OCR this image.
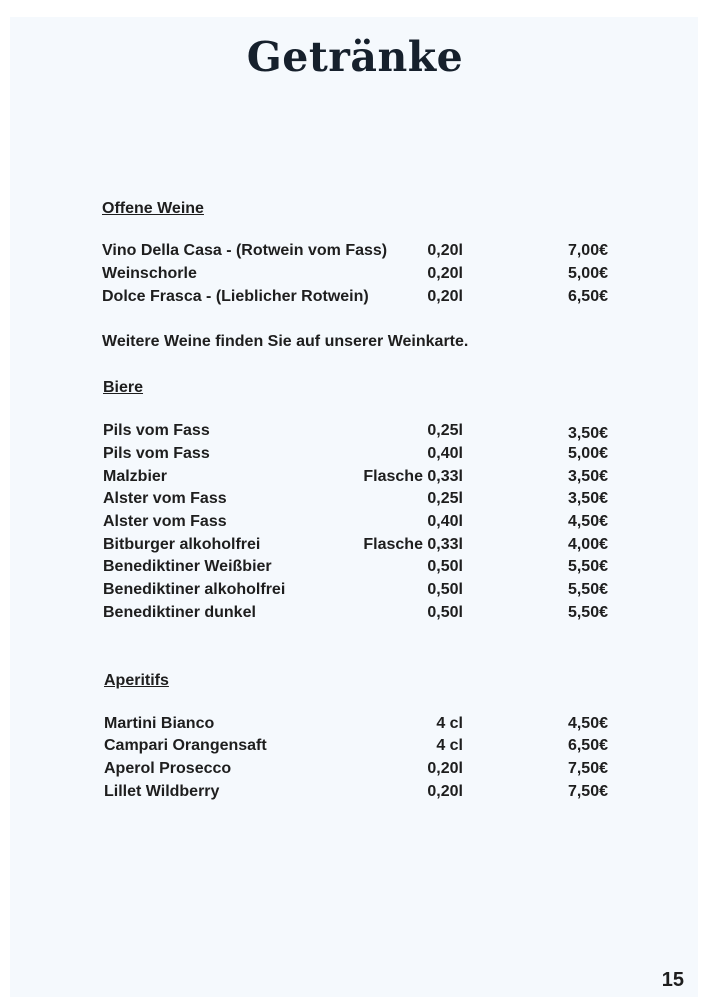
Getränke
Offene Weine
Vino Della Casa - (Rotwein vom Fass)	0,20l	7,00€
Weinschorle	0,20l	5,00€
Dolce Frasca - (Lieblicher Rotwein)	0,20l	6,50€
Weitere Weine finden Sie auf unserer Weinkarte.
Biere
Pils vom Fass	0,25l	3,50€
Pils vom Fass	0,40l	5,00€
Malzbier	Flasche 0,33l	3,50€
Alster vom Fass	0,25l	3,50€
Alster vom Fass	0,40l	4,50€
Bitburger alkoholfrei	Flasche 0,33l	4,00€
Benediktiner Weißbier	0,50l	5,50€
Benediktiner alkoholfrei	0,50l	5,50€
Benediktiner dunkel	0,50l	5,50€
Aperitifs
Martini Bianco	4 cl	4,50€
Campari Orangensaft	4 cl	6,50€
Aperol Prosecco	0,20l	7,50€
Lillet Wildberry	0,20l	7,50€
15
